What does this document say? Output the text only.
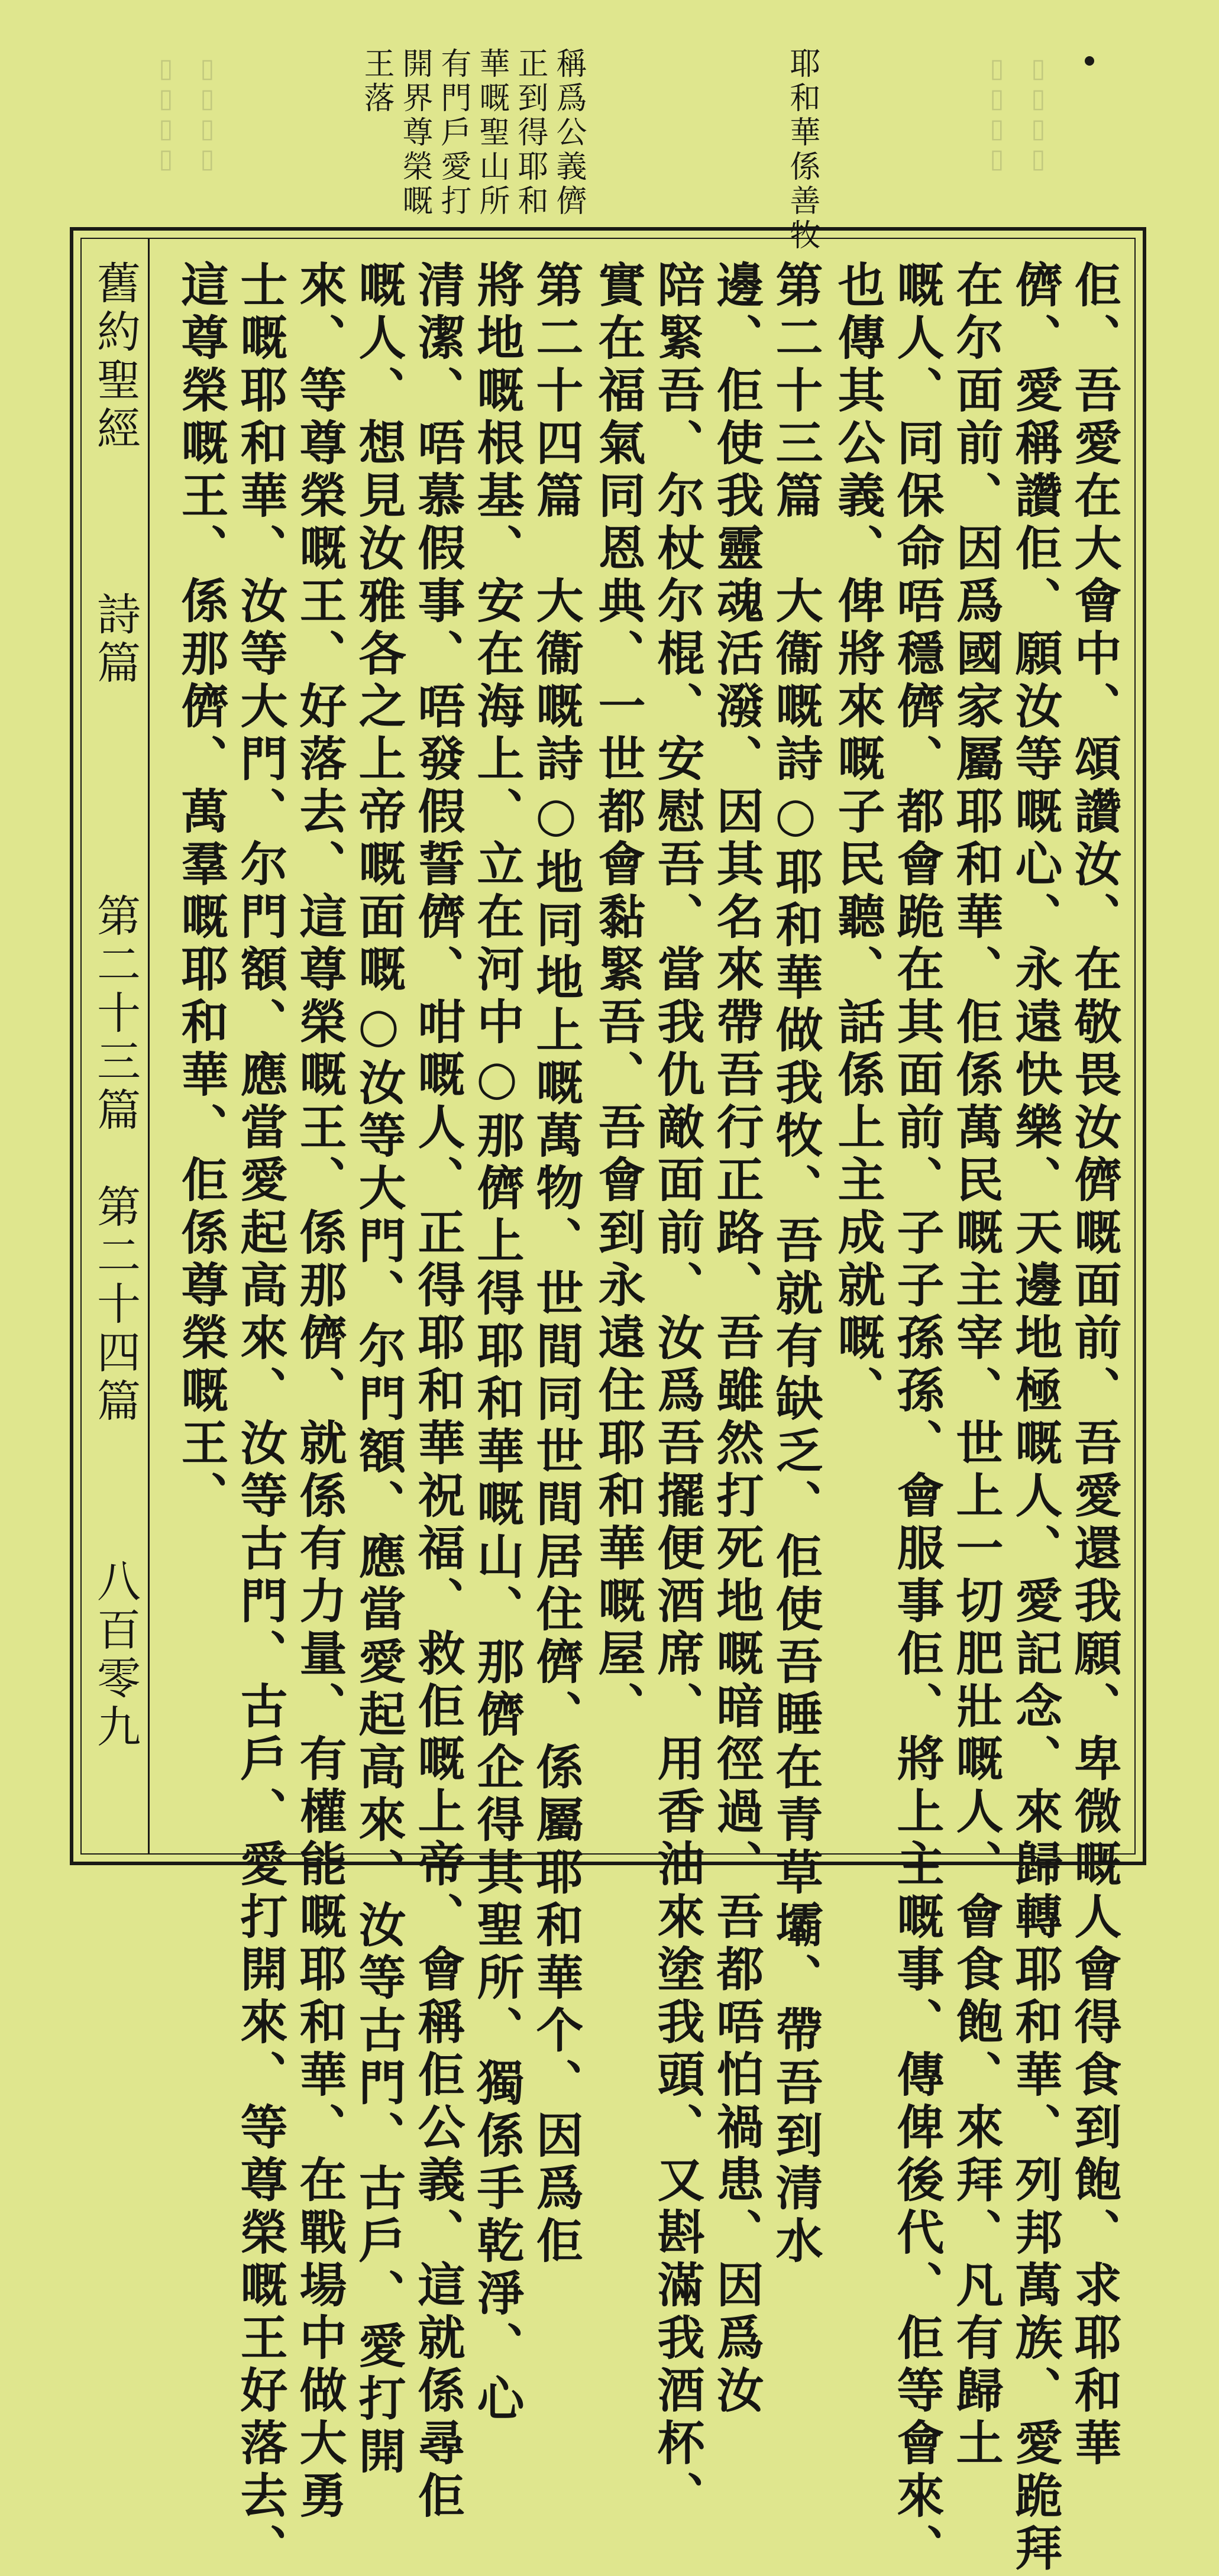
▯▯▯▯ ▯▯▯▯
▯▯▯▯ ▯▯▯▯	耶和華係善牧
稱爲公義儕
正到得耶和
華嘅聖山所
有門戶愛打
開界尊榮嘅
王落
舊約聖經
詩篇
第二十三篇　第二十四篇
八百零九	佢、吾愛在大會中、頌讚汝、在敬畏汝儕嘅面前、吾愛還我願、卑微嘅人會得食到飽、求耶和華
儕、愛稱讚佢、願汝等嘅心、永遠快樂、天邊地極嘅人、愛記念、來歸轉耶和華、列邦萬族、愛跪拜
在尔面前、因爲國家屬耶和華、佢係萬民嘅主宰、世上一切肥壯嘅人、會食飽、來拜、凡有歸土
嘅人、同保命唔穩儕、都會跪在其面前、子子孫孫、會服事佢、將上主嘅事、傳俾後代、佢等會來、
也傳其公義、俾將來嘅子民聽、話係上主成就嘅、
第二十三篇　大衞嘅詩○耶和華做我牧、吾就有缺乏、佢使吾睡在青草壩、帶吾到清水
邊、佢使我靈魂活潑、因其名來帶吾行正路、吾雖然打死地嘅暗徑過、吾都唔怕禍患、因爲汝
陪緊吾、尔杖尔棍、安慰吾、當我仇敵面前、汝爲吾擺便酒席、用香油來塗我頭、又斟滿我酒杯、
實在福氣同恩典、一世都會黏緊吾、吾會到永遠住耶和華嘅屋、
第二十四篇　大衞嘅詩○地同地上嘅萬物、世間同世間居住儕、係屬耶和華个、因爲佢
將地嘅根基、安在海上、立在河中○那儕上得耶和華嘅山、那儕企得其聖所、獨係手乾淨、心
清潔、唔慕假事、唔發假誓儕、咁嘅人、正得耶和華祝福、救佢嘅上帝、會稱佢公義、這就係尋佢
嘅人、想見汝雅各之上帝嘅面嘅○汝等大門、尔門額、應當愛起高來、汝等古門、古戶、愛打開
來、等尊榮嘅王、好落去、這尊榮嘅王、係那儕、就係有力量、有權能嘅耶和華、在戰場中做大勇
士嘅耶和華、汝等大門、尔門額、應當愛起高來、汝等古門、古戶、愛打開來、等尊榮嘅王好落去、
這尊榮嘅王、係那儕、萬羣嘅耶和華、佢係尊榮嘅王、
